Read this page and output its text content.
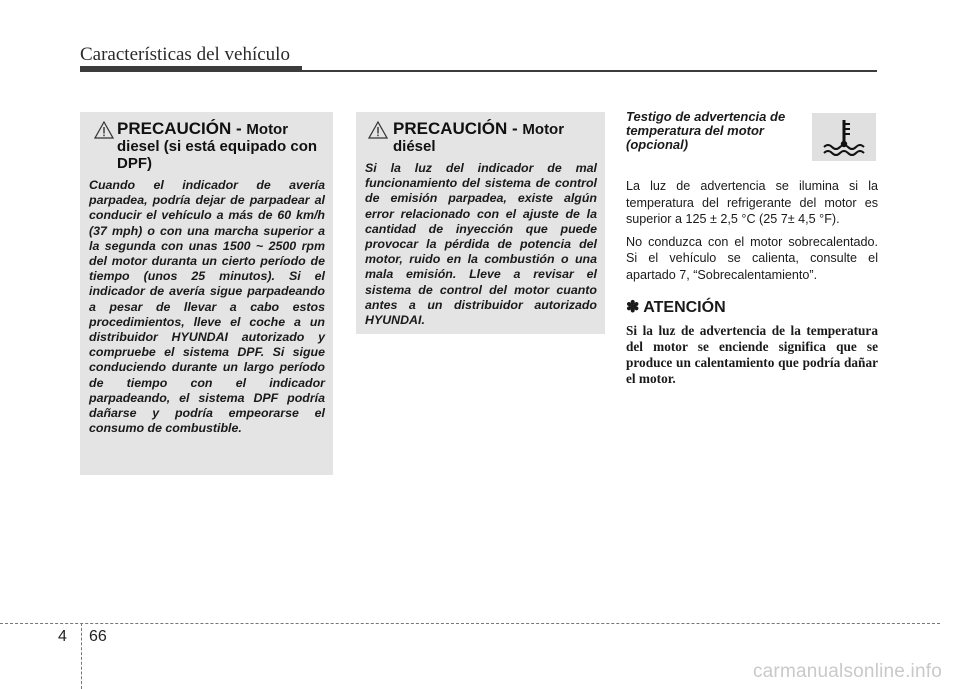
Características del vehículo
PRECAUCIÓN - Motor diesel (si está equipado con DPF)
Cuando el indicador de avería parpadea, podría dejar de parpadear al conducir el vehículo a más de 60 km/h (37 mph) o con una marcha superior a la segunda con unas 1500 ~ 2500 rpm del motor duranta un cierto período de tiempo (unos 25 minutos). Si el indicador de avería sigue parpadeando a pesar de llevar a cabo estos procedimientos, lleve el coche a un distribuidor HYUNDAI autorizado y compruebe el sistema DPF. Si sigue conduciendo durante un largo período de tiempo con el indicador parpadeando, el sistema DPF podría dañarse y podría empeorarse el consumo de combustible.
PRECAUCIÓN - Motor diésel
Si la luz del indicador de mal funcionamiento del sistema de control de emisión parpadea, existe algún error relacionado con el ajuste de la cantidad de inyección que puede provocar la pérdida de potencia del motor, ruido en la combustión o una mala emisión. Lleve a revisar el sistema de control del motor cuanto antes a un distribuidor autorizado HYUNDAI.
Testigo de advertencia de temperatura del motor (opcional)
La luz de advertencia se ilumina si la temperatura del refrigerante del motor es superior a 125 ± 2,5 °C (25 7± 4,5 °F).
No conduzca con el motor sobrecalentado. Si el vehículo se calienta, consulte el apartado 7, “Sobrecalentamiento”.
✽ ATENCIÓN
Si la luz de advertencia de la temperatura del motor se enciende significa que se produce un calentamiento que podría dañar el motor.
4 66
carmanualsonline.info
